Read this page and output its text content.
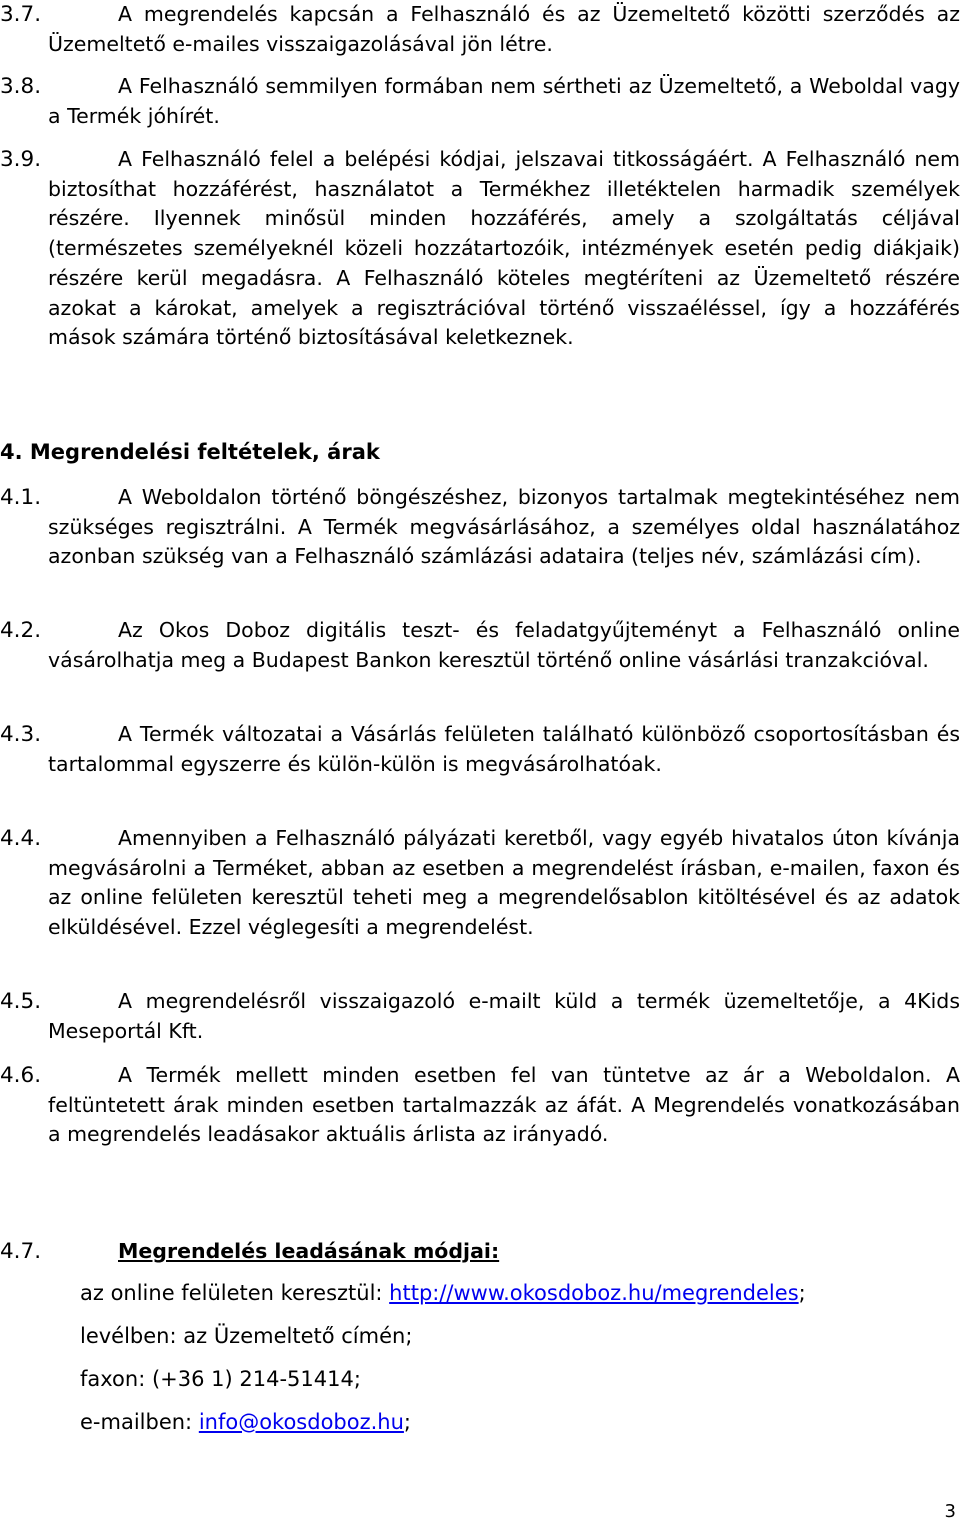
3.7.	A megrendelés kapcsán a Felhasználó és az Üzemeltető közötti szerződés az Üzemeltető e-mailes visszaigazolásával jön létre.
3.8.	A Felhasználó semmilyen formában nem sértheti az Üzemeltető, a Weboldal vagy a Termék jóhírét.
3.9.	A Felhasználó felel a belépési kódjai, jelszavai titkosságáért. A Felhasználó nem biztosíthat hozzáférést, használatot a Termékhez illetéktelen harmadik személyek részére. Ilyennek minősül minden hozzáférés, amely a szolgáltatás céljával (természetes személyeknél közeli hozzátartozóik, intézmények esetén pedig diákjaik) részére kerül megadásra. A Felhasználó köteles megtéríteni az Üzemeltető részére azokat a károkat, amelyek a regisztrációval történő visszaéléssel, így a hozzáférés mások számára történő biztosításával keletkeznek.
4. Megrendelési feltételek, árak
4.1.	A Weboldalon történő böngészéshez, bizonyos tartalmak megtekintéséhez nem szükséges regisztrálni. A Termék megvásárlásához, a személyes oldal használatához azonban szükség van a Felhasználó számlázási adataira (teljes név, számlázási cím).
4.2.	Az Okos Doboz digitális teszt- és feladatgyűjteményt a Felhasználó online vásárolhatja meg a Budapest Bankon keresztül történő online vásárlási tranzakcióval.
4.3.	A Termék változatai a Vásárlás felületen található különböző csoportosításban és tartalommal egyszerre és külön-külön is megvásárolhatóak.
4.4.	Amennyiben a Felhasználó pályázati keretből, vagy egyéb hivatalos úton kívánja megvásárolni a Terméket, abban az esetben a megrendelést írásban, e-mailen, faxon és az online felületen keresztül teheti meg a megrendelősablon kitöltésével és az adatok elküldésével. Ezzel véglegesíti a megrendelést.
4.5.	A megrendelésről visszaigazoló e-mailt küld a termék üzemeltetője, a 4Kids Meseportál Kft.
4.6.	A Termék mellett minden esetben fel van tüntetve az ár a Weboldalon. A feltüntetett árak minden esetben tartalmazzák az áfát. A Megrendelés vonatkozásában a megrendelés leadásakor aktuális árlista az irányadó.
4.7.	Megrendelés leadásának módjai:
az online felületen keresztül: http://www.okosdoboz.hu/megrendeles;
levélben: az Üzemeltető címén;
faxon: (+36 1) 214-51414;
e-mailben: info@okosdoboz.hu;
3
